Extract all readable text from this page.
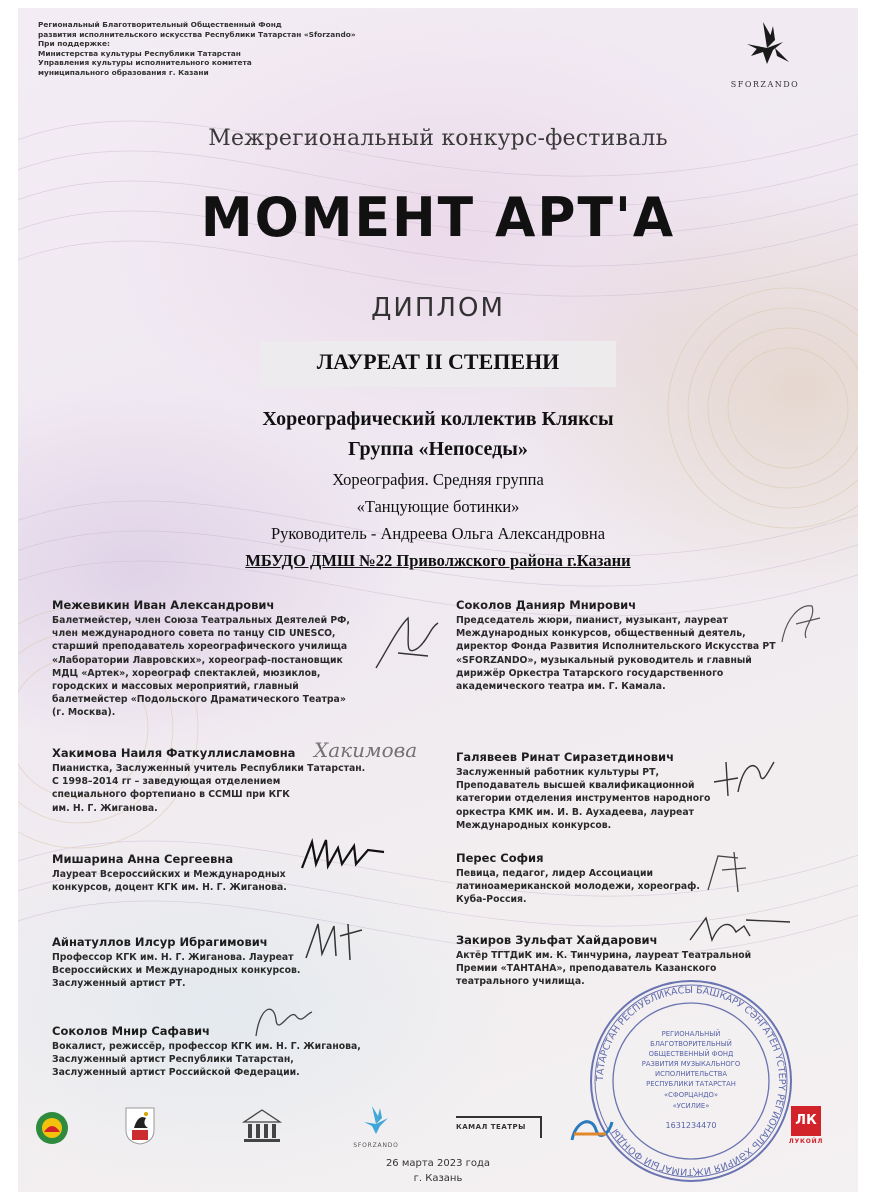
Региональный Благотворительный Общественный Фонд
развития исполнительского искусства Республики Татарстан «Sforzando»
При поддержке:
Министерства культуры Республики Татарстан
Управления культуры исполнительного комитета
муниципального образования г. Казани
SFORZANDO
Межрегиональный конкурс-фестиваль
МОМЕНТ АРТ'А
ДИПЛОМ
ЛАУРЕАТ II СТЕПЕНИ
Хореографический коллектив Кляксы
Группа «Непоседы»
Хореография. Средняя группа
«Танцующие ботинки»
Руководитель - Андреева Ольга Александровна
МБУДО ДМШ №22 Приволжского района г.Казани
Межевикин Иван Александрович
Балетмейстер, член Союза Театральных Деятелей РФ,
член международного совета по танцу CID UNESCO,
старший преподаватель хореографического училища
«Лаборатории Лавровских», хореограф-постановщик
МДЦ «Артек», хореограф спектаклей, мюзиклов,
городских и массовых мероприятий, главный
балетмейстер «Подольского Драматического Театра»
(г. Москва).
Хакимова Наиля Фаткуллисламовна
Пианистка, Заслуженный учитель Республики Татарстан.
С 1998–2014 гг – заведующая отделением
специального фортепиано в ССМШ при КГК
им. Н. Г. Жиганова.
Мишарина Анна Сергеевна
Лауреат Всероссийских и Международных
конкурсов, доцент КГК им. Н. Г. Жиганова.
Айнатуллов Илсур Ибрагимович
Профессор КГК им. Н. Г. Жиганова. Лауреат
Всероссийских и Международных конкурсов.
Заслуженный артист РТ.
Соколов Мнир Сафавич
Вокалист, режиссёр, профессор КГК им. Н. Г. Жиганова,
Заслуженный артист Республики Татарстан,
Заслуженный артист Российской Федерации.
Соколов Данияр Мнирович
Председатель жюри, пианист, музыкант, лауреат
Международных конкурсов, общественный деятель,
директор Фонда Развития Исполнительского Искусства РТ
«SFORZANDO», музыкальный руководитель и главный
дирижёр Оркестра Татарского государственного
академического театра им. Г. Камала.
Галявеев Ринат Сиразетдинович
Заслуженный работник культуры РТ,
Преподаватель высшей квалификационной
категории отделения инструментов народного
оркестра КМК им. И. В. Аухадеева, лауреат
Международных конкурсов.
Перес София
Певица, педагог, лидер Ассоциации
латиноамериканской молодежи, хореограф.
Куба-Россия.
Закиров Зульфат Хайдарович
Актёр ТГТДиК им. К. Тинчурина, лауреат Театральной
Премии «ТАНТАНА», преподаватель Казанского
театрального училища.
Хакимова
ТАТАРСТАН РЕСПУБЛИКАСЫ БАШКАРУ СӘНГАТЕН ҮСТЕРҮ РЕГИОНАЛЬ ХӘЙРИЯ ИҖТИМАГЫЙ ФОНДЫ
РЕГИОНАЛЬНЫЙ
БЛАГОТВОРИТЕЛЬНЫЙ
ОБЩЕСТВЕННЫЙ ФОНД
РАЗВИТИЯ МУЗЫКАЛЬНОГО
ИСПОЛНИТЕЛЬСТВА
РЕСПУБЛИКИ ТАТАРСТАН
«СФОРЦАНДО»
«УСИЛИЕ»
1631234470
SFORZANDO
КАМАЛ ТЕАТРЫ	ЛК
ЛУКОЙЛ
26 марта 2023 года
г. Казань
